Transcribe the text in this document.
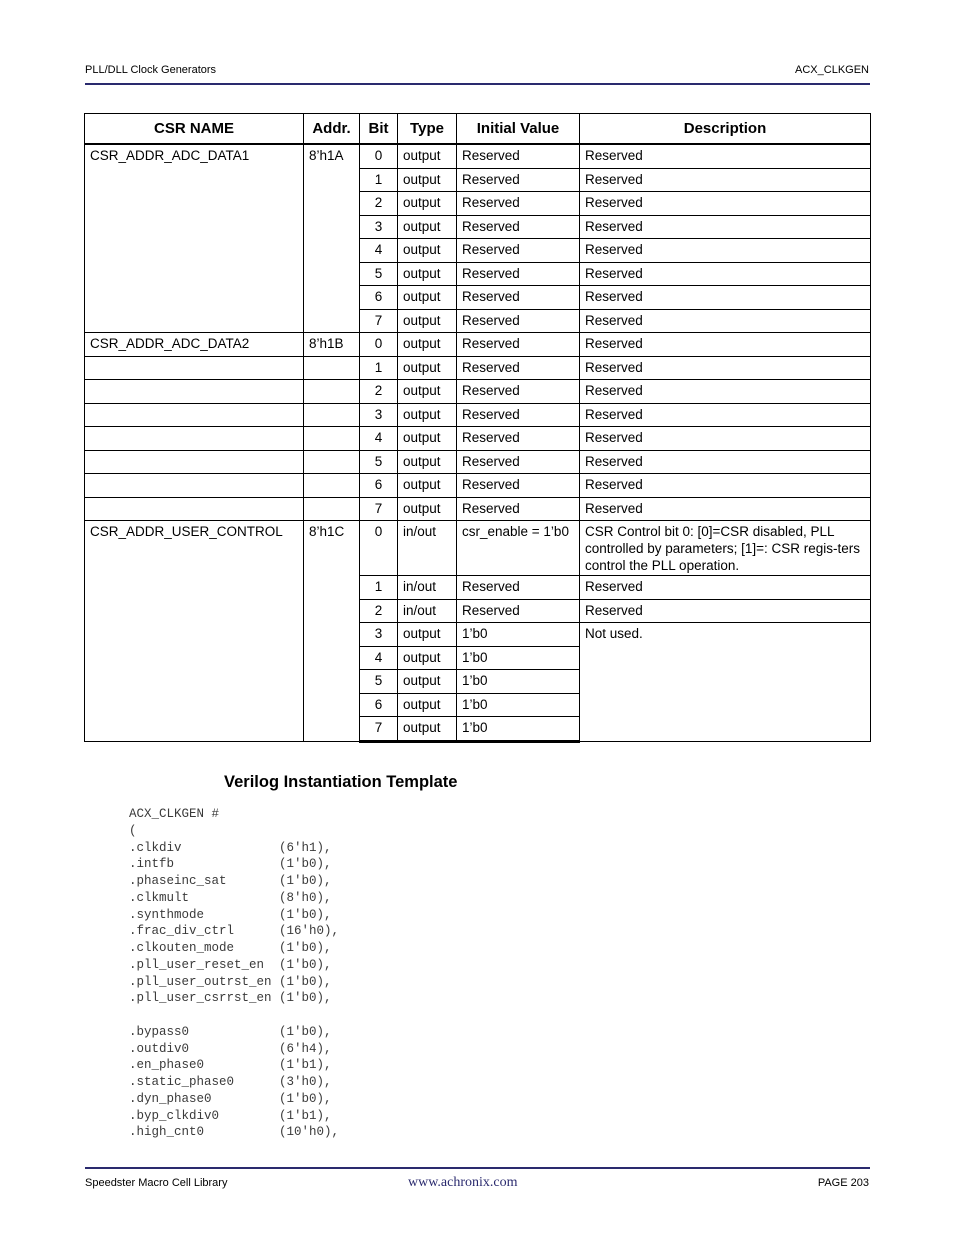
PLL/DLL Clock Generators	ACX_CLKGEN
CSR NAME	Addr.	Bit	Type	Initial Value	Description
CSR_ADDR_ADC_DATA1	8’h1A	0	output	Reserved	Reserved
		1	output	Reserved	Reserved
		2	output	Reserved	Reserved
		3	output	Reserved	Reserved
		4	output	Reserved	Reserved
		5	output	Reserved	Reserved
		6	output	Reserved	Reserved
		7	output	Reserved	Reserved
CSR_ADDR_ADC_DATA2	8’h1B	0	output	Reserved	Reserved
		1	output	Reserved	Reserved
		2	output	Reserved	Reserved
		3	output	Reserved	Reserved
		4	output	Reserved	Reserved
		5	output	Reserved	Reserved
		6	output	Reserved	Reserved
		7	output	Reserved	Reserved
CSR_ADDR_USER_CONTROL	8’h1C	0	in/out	csr_enable = 1’b0	CSR Control bit 0: [0]=CSR disabled, PLL controlled by parameters; [1]=: CSR regis-ters control the PLL operation.
		1	in/out	Reserved	Reserved
		2	in/out	Reserved	Reserved
		3	output	1’b0	Not used.
		4	output	1’b0	
		5	output	1’b0	
		6	output	1’b0	
		7	output	1’b0	
Verilog Instantiation Template
ACX_CLKGEN #
(
.clkdiv             (6'h1),
.intfb              (1'b0),
.phaseinc_sat       (1'b0),
.clkmult            (8'h0),
.synthmode          (1'b0),
.frac_div_ctrl      (16'h0),
.clkouten_mode      (1'b0),
.pll_user_reset_en  (1'b0),
.pll_user_outrst_en (1'b0),
.pll_user_csrrst_en (1'b0),

.bypass0            (1'b0),
.outdiv0            (6'h4),
.en_phase0          (1'b1),
.static_phase0      (3'h0),
.dyn_phase0         (1'b0),
.byp_clkdiv0        (1'b1),
.high_cnt0          (10'h0),

Speedster Macro Cell Library	www.achronix.com	PAGE 203
